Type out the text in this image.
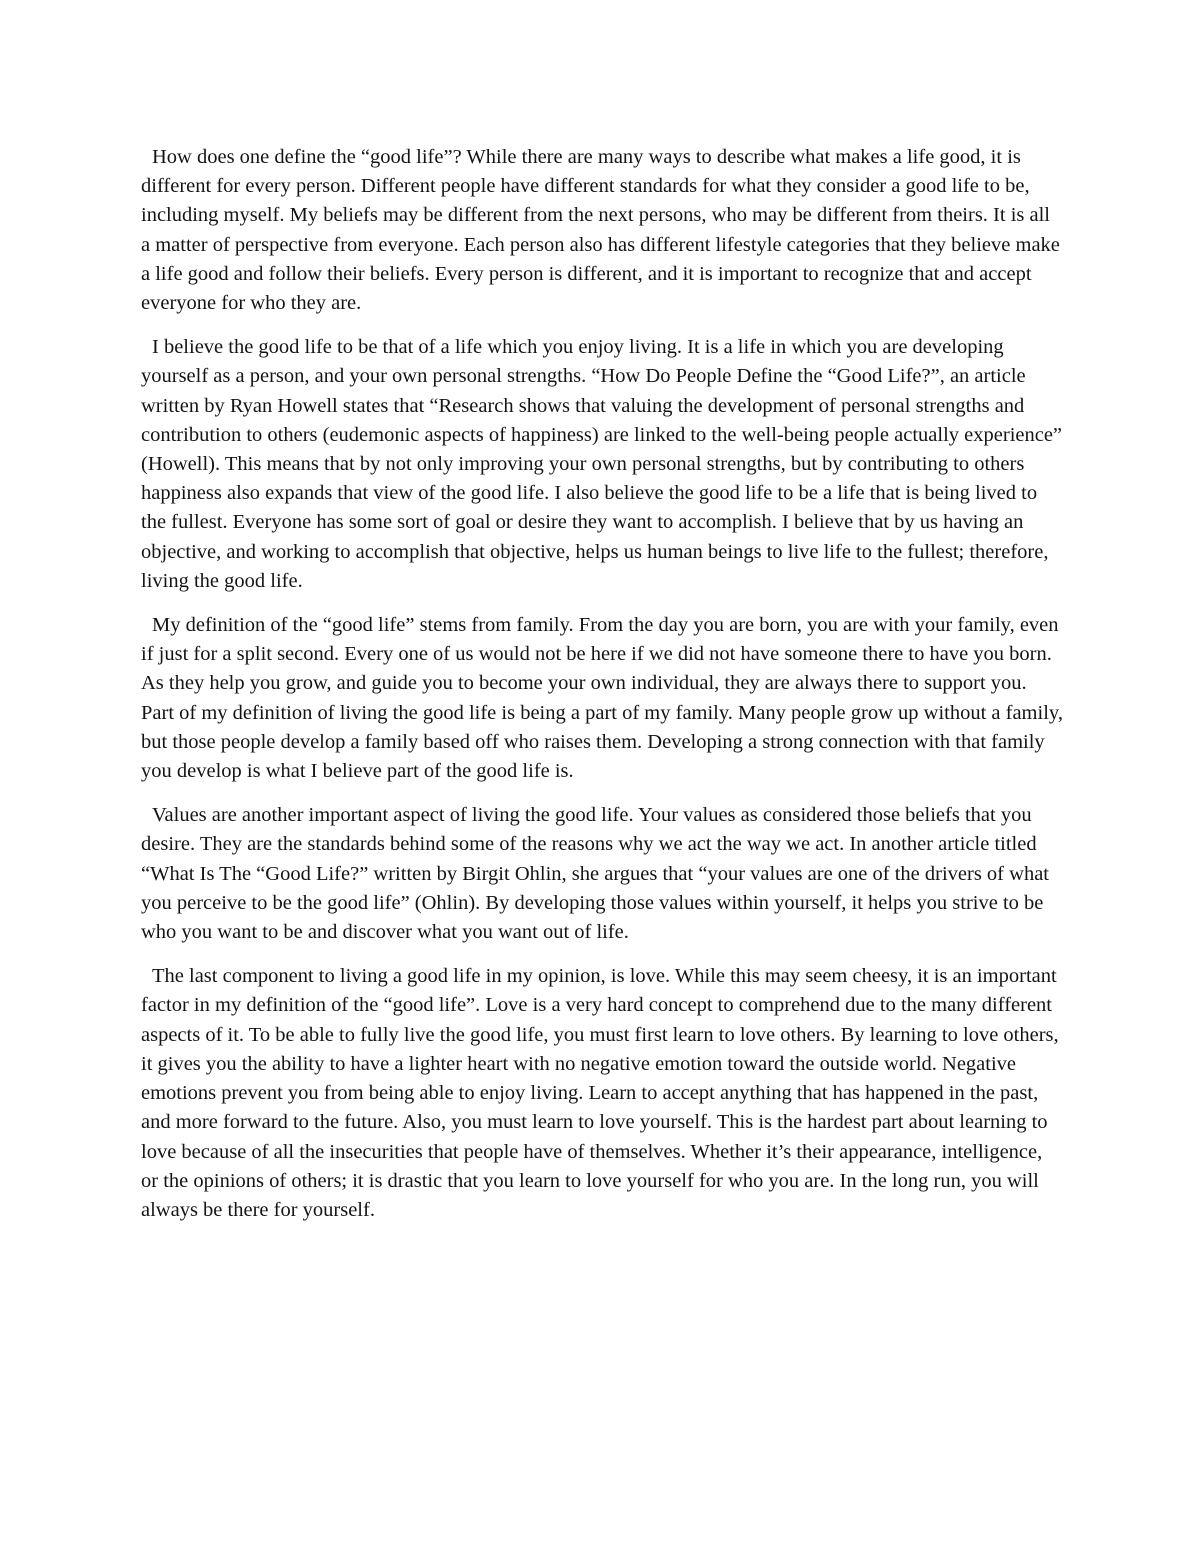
How does one define the “good life”? While there are many ways to describe what makes a life good, it is different for every person. Different people have different standards for what they consider a good life to be, including myself. My beliefs may be different from the next persons, who may be different from theirs. It is all a matter of perspective from everyone. Each person also has different lifestyle categories that they believe make a life good and follow their beliefs. Every person is different, and it is important to recognize that and accept everyone for who they are.

I believe the good life to be that of a life which you enjoy living. It is a life in which you are developing yourself as a person, and your own personal strengths. “How Do People Define the “Good Life?”, an article written by Ryan Howell states that “Research shows that valuing the development of personal strengths and contribution to others (eudemonic aspects of happiness) are linked to the well-being people actually experience” (Howell). This means that by not only improving your own personal strengths, but by contributing to others happiness also expands that view of the good life. I also believe the good life to be a life that is being lived to the fullest. Everyone has some sort of goal or desire they want to accomplish. I believe that by us having an objective, and working to accomplish that objective, helps us human beings to live life to the fullest; therefore, living the good life.

My definition of the “good life” stems from family. From the day you are born, you are with your family, even if just for a split second. Every one of us would not be here if we did not have someone there to have you born. As they help you grow, and guide you to become your own individual, they are always there to support you. Part of my definition of living the good life is being a part of my family. Many people grow up without a family, but those people develop a family based off who raises them. Developing a strong connection with that family you develop is what I believe part of the good life is.

Values are another important aspect of living the good life. Your values as considered those beliefs that you desire. They are the standards behind some of the reasons why we act the way we act. In another article titled “What Is The “Good Life?” written by Birgit Ohlin, she argues that “your values are one of the drivers of what you perceive to be the good life” (Ohlin). By developing those values within yourself, it helps you strive to be who you want to be and discover what you want out of life.

The last component to living a good life in my opinion, is love. While this may seem cheesy, it is an important factor in my definition of the “good life”. Love is a very hard concept to comprehend due to the many different aspects of it. To be able to fully live the good life, you must first learn to love others. By learning to love others, it gives you the ability to have a lighter heart with no negative emotion toward the outside world. Negative emotions prevent you from being able to enjoy living. Learn to accept anything that has happened in the past, and more forward to the future. Also, you must learn to love yourself. This is the hardest part about learning to love because of all the insecurities that people have of themselves. Whether it’s their appearance, intelligence, or the opinions of others; it is drastic that you learn to love yourself for who you are. In the long run, you will always be there for yourself.
